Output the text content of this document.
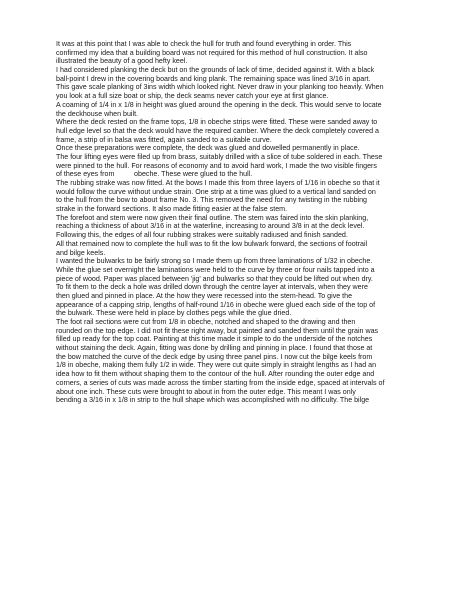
It was at this point that I was able to check the hull for truth and found everything in order. This
confirmed my idea that a building board was not required for this method of hull construction. It also
illustrated the beauty of a good hefty keel.
I had considered planking the deck but on the grounds of lack of time, decided against it. With a black
ball-point I drew in the covering boards and king plank. The remaining space was lined 3/16 in apart.
This gave scale planking of 3ins width which looked right. Never draw in your planking too heavily. When
you look at a full size boat or ship, the deck seams never catch your eye at first glance.
A coaming of 1/4 in x 1/8 in height was glued around the opening in the deck. This would serve to locate
the deckhouse when built.
Where the deck rested on the frame tops, 1/8 in obeche strips were fitted. These were sanded away to
hull edge level so that the deck would have the required camber. Where the deck completely covered a
frame, a strip of in balsa was fitted, again sanded to a suitable curve.
Once these preparations were complete, the deck was glued and dowelled permanently in place.
The four lifting eyes were filed up from brass, suitably drilled with a slice of tube soldered in each. These
were pinned to the hull. For reasons of economy and to avoid hard work, I made the two visible fingers
of these eyes from          obeche. These were glued to the hull.
The rubbing strake was now fitted. At the bows I made this from three layers of 1/16 in obeche so that it
would follow the curve without undue strain. One strip at a time was glued to a vertical land sanded on
to the hull from the bow to about frame No. 3. This removed the need for any twisting in the rubbing
strake in the forward sections. It also made fitting easier at the false stem.
The forefoot and stem were now given their final outline. The stem was faired into the skin planking,
reaching a thickness of about 3/16 in at the waterline, increasing to around 3/8 in at the deck level.
Following this, the edges of all four rubbing strakes were suitably radiused and finish sanded.
All that remained now to complete the hull was to fit the low bulwark forward, the sections of footrail
and bilge keels.
I wanted the bulwarks to be fairly strong so I made them up from three laminations of 1/32 in obeche.
While the glue set overnight the laminations were held to the curve by three or four nails tapped into a
piece of wood. Paper was placed between 'jig' and bulwarks so that they could be lifted out when dry.
To fit them to the deck a hole was drilled down through the centre layer at intervals, when they were
then glued and pinned in place. At the how they were recessed into the stem-head. To give the
appearance of a capping strip, lengths of half-round 1/16 in obeche were glued each side of the top of
the bulwark. These were held in place by clothes pegs while the glue dried.
The foot rail sections were cut from 1/8 in obeche, notched and shaped to the drawing and then
rounded on the top edge. I did not fit these right away, but painted and sanded them until the grain was
filled up ready for the top coat. Painting at this time made it simple to do the underside of the notches
without staining the deck. Again, fitting was done by drilling and pinning in place. I found that those at
the bow matched the curve of the deck edge by using three panel pins. I now cut the bilge keels from
1/8 in obeche, making them fully 1/2 in wide. They were cut quite simply in straight lengths as I had an
idea how to fit them without shaping them to the contour of the hull. After rounding the outer edge and
corners, a series of cuts was made across the timber starting from the inside edge, spaced at intervals of
about one inch. These cuts were brought to about in from the outer edge. This meant I was only
bending a 3/16 in x 1/8 in strip to the hull shape which was accomplished with no difficulty. The bilge
